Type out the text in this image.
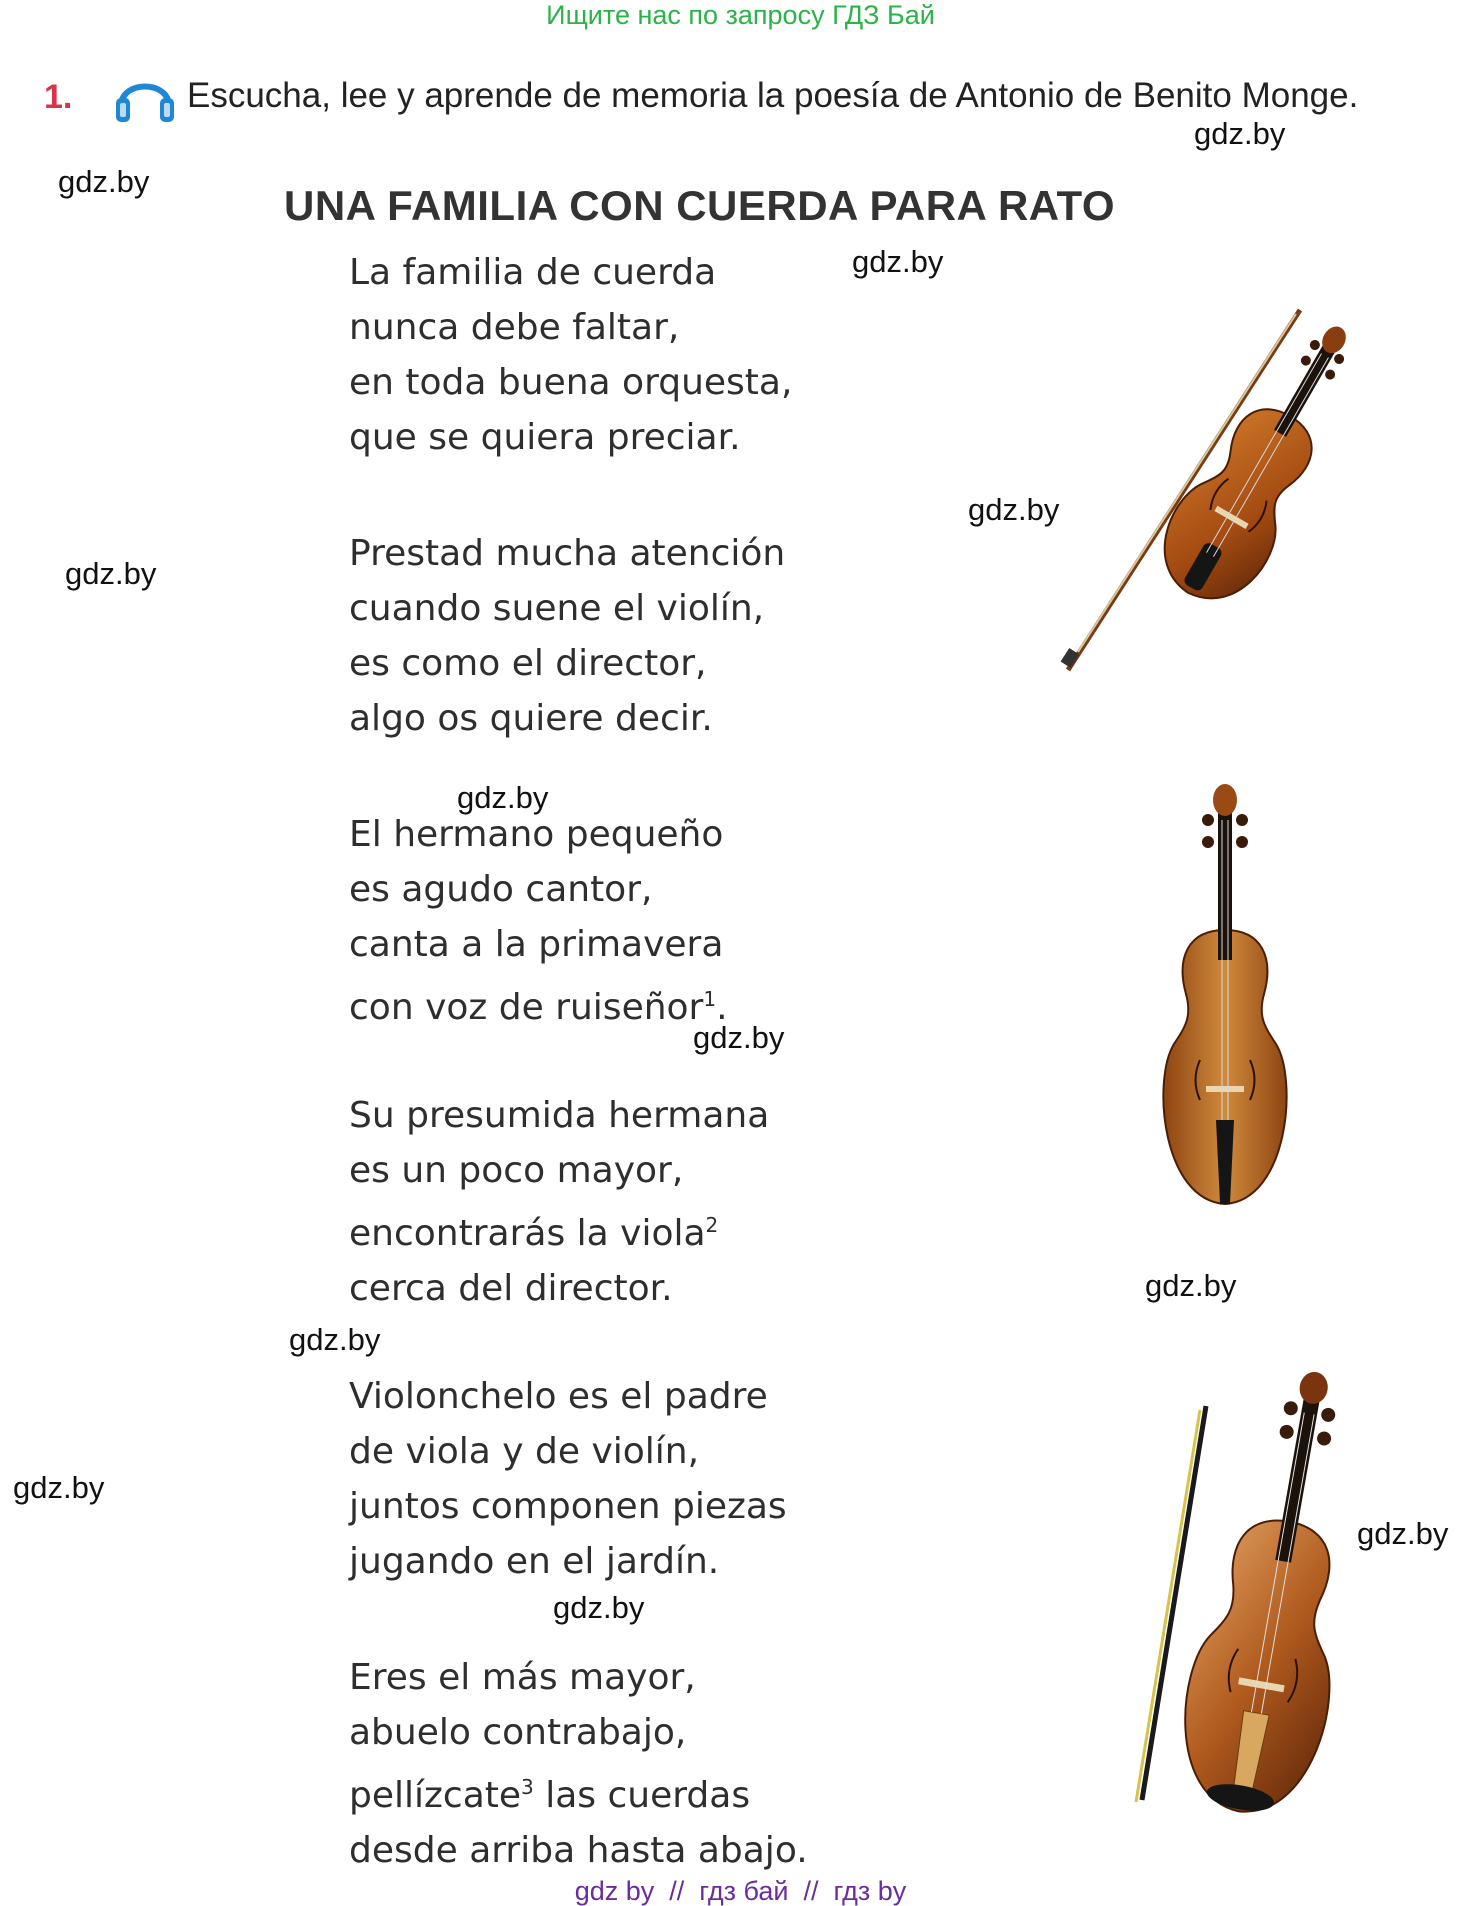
Ищите нас по запросу ГДЗ Бай
1.	Escucha, lee y aprende de memoria la poesía de Antonio de Benito Monge.
UNA FAMILIA CON CUERDA PARA RATO
La familia de cuerda
nunca debe faltar,
en toda buena orquesta,
que se quiera preciar.
Prestad mucha atención
cuando suene el violín,
es como el director,
algo os quiere decir.
El hermano pequeño
es agudo cantor,
canta a la primavera
con voz de ruiseñor$^1$.
Su presumida hermana
es un poco mayor,
encontrarás la viola$^2$
cerca del director.
Violonchelo es el padre
de viola y de violín,
juntos componen piezas
jugando en el jardín.
Eres el más mayor,
abuelo contrabajo,
pellízcate$^3$ las cuerdas
desde arriba hasta abajo.
gdz.by
gdz.by
gdz.by
gdz.by
gdz.by
gdz.by
gdz.by
gdz.by
gdz.by
gdz.by
gdz.by
gdz.by
gdz by  //  гдз бай  //  гдз by
